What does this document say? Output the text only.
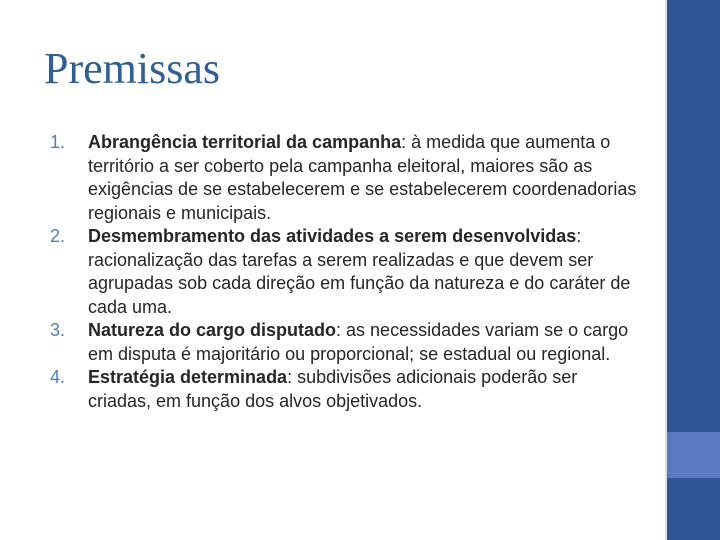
Premissas
1.	Abrangência territorial da campanha: à medida que aumenta o território a ser coberto pela campanha eleitoral, maiores são as exigências de se estabelecerem e se estabelecerem coordenadorias regionais e municipais.
2.	Desmembramento das atividades a serem desenvolvidas: racionalização das tarefas a serem realizadas e que devem ser agrupadas sob cada direção em função da natureza e do caráter de cada uma.
3.	Natureza do cargo disputado: as necessidades variam se o cargo em disputa é majoritário ou proporcional; se estadual ou regional.
4.	Estratégia determinada: subdivisões adicionais poderão ser criadas, em função dos alvos objetivados.
